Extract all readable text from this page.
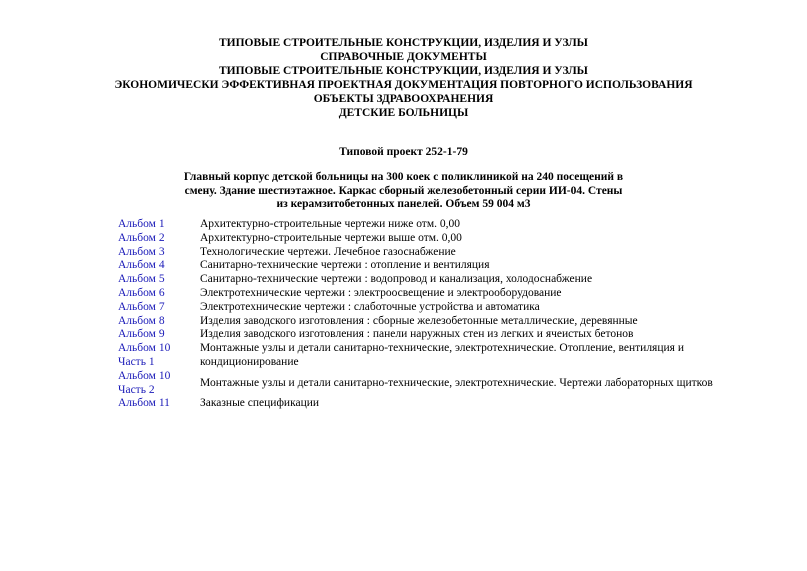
ТИПОВЫЕ СТРОИТЕЛЬНЫЕ КОНСТРУКЦИИ, ИЗДЕЛИЯ И УЗЛЫ
СПРАВОЧНЫЕ ДОКУМЕНТЫ
ТИПОВЫЕ СТРОИТЕЛЬНЫЕ КОНСТРУКЦИИ, ИЗДЕЛИЯ И УЗЛЫ
ЭКОНОМИЧЕСКИ ЭФФЕКТИВНАЯ ПРОЕКТНАЯ ДОКУМЕНТАЦИЯ ПОВТОРНОГО ИСПОЛЬЗОВАНИЯ
ОБЪЕКТЫ ЗДРАВООХРАНЕНИЯ
ДЕТСКИЕ БОЛЬНИЦЫ
Типовой проект 252-1-79
Главный корпус детской больницы на 300 коек с поликлиникой на 240 посещений в
смену. Здание шестиэтажное. Каркас сборный железобетонный серии ИИ-04. Стены
из керамзитобетонных панелей. Объем 59 004 м3
Альбом 1	Архитектурно-строительные чертежи ниже отм. 0,00
Альбом 2	Архитектурно-строительные чертежи выше отм. 0,00
Альбом 3	Технологические чертежи. Лечебное газоснабжение
Альбом 4	Санитарно-технические чертежи : отопление и вентиляция
Альбом 5	Санитарно-технические чертежи : водопровод и канализация, холодоснабжение
Альбом 6	Электротехнические чертежи : электроосвещение и электрооборудование
Альбом 7	Электротехнические чертежи : слаботочные устройства и автоматика
Альбом 8	Изделия заводского изготовления : сборные железобетонные металлические, деревянные
Альбом 9	Изделия заводского изготовления : панели наружных стен из легких и ячеистых бетонов

Альбом 10
Часть 1	Монтажные узлы и детали санитарно-технические, электротехнические. Отопление, вентиляция и кондиционирование

Альбом 10
Часть 2	Монтажные узлы и детали санитарно-технические, электротехнические. Чертежи лабораторных щитков
Альбом 11	Заказные спецификации
